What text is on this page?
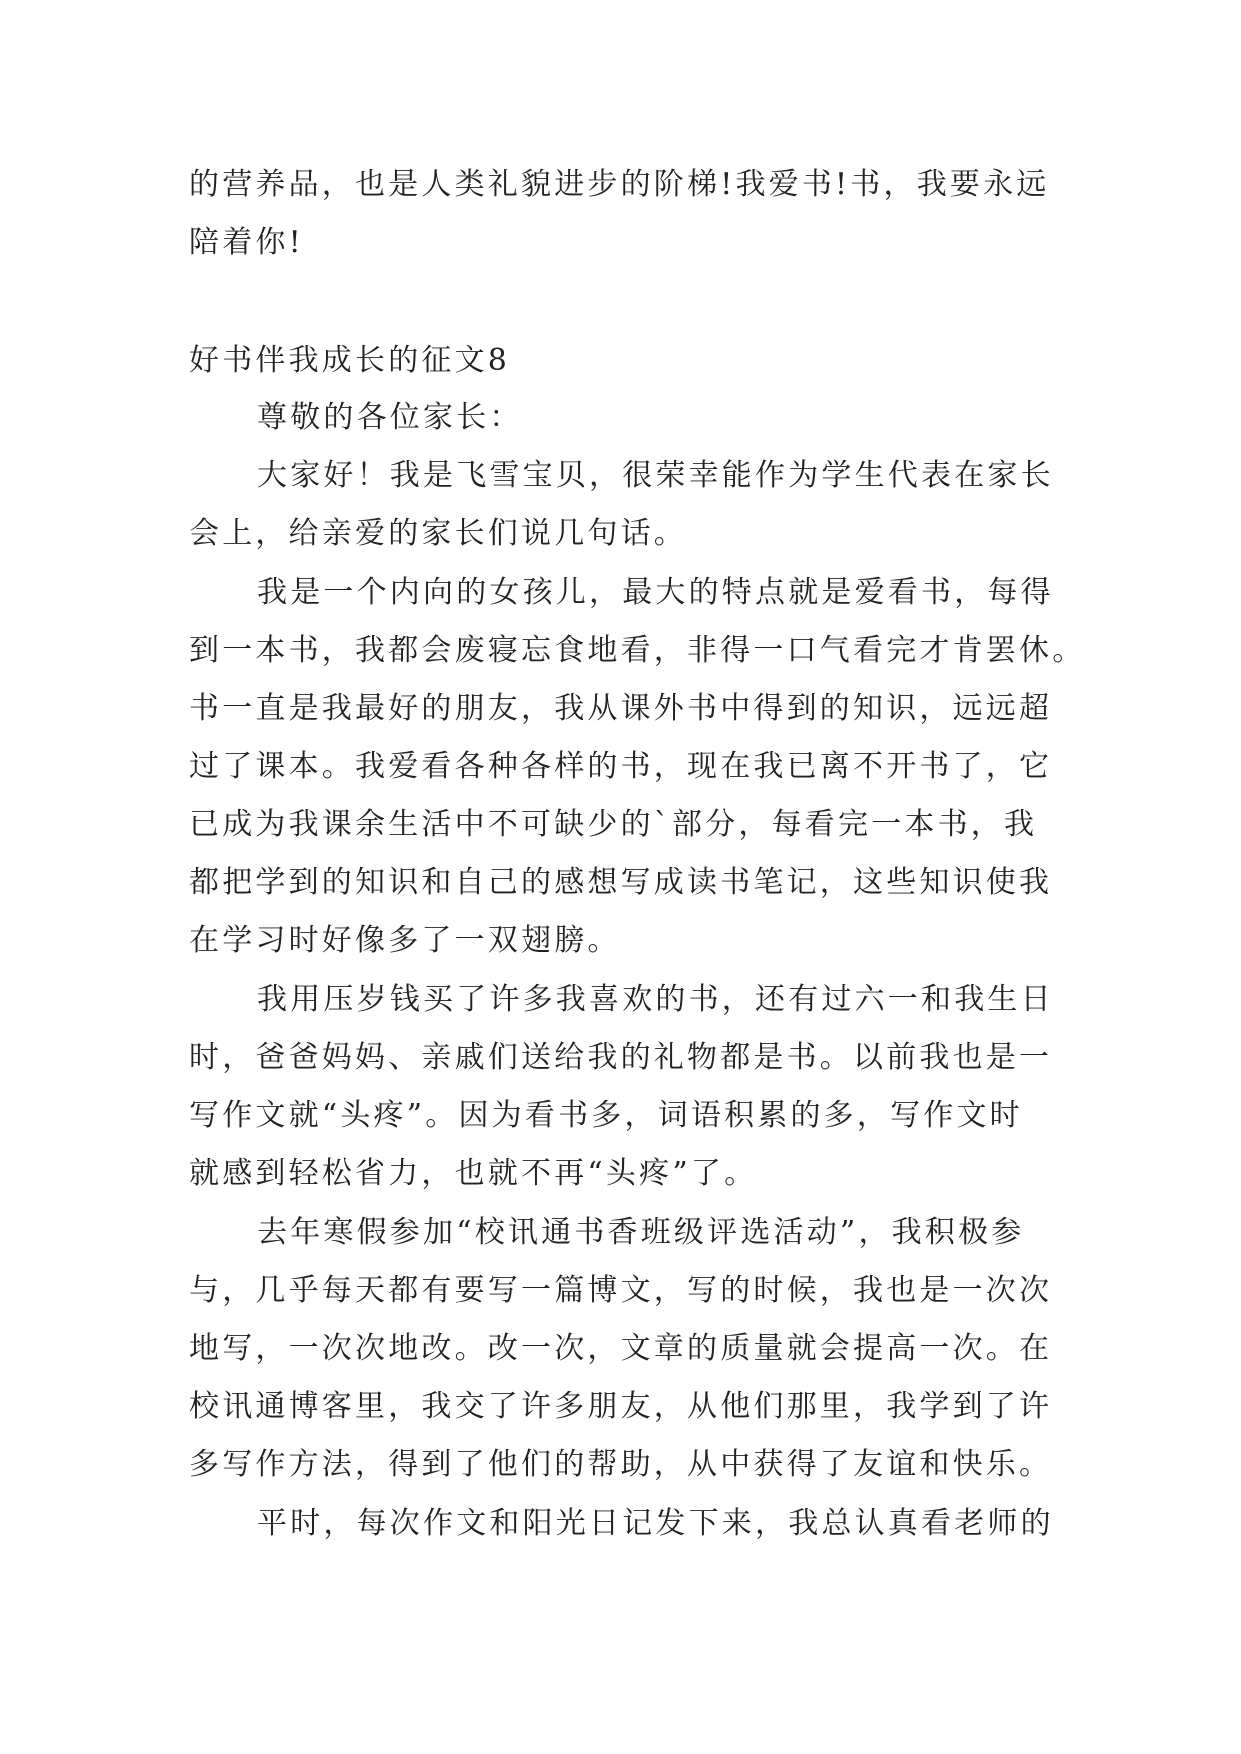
的营养品，也是人类礼貌进步的阶梯!我爱书!书，我要永远
陪着你!
好书伴我成长的征文8
尊敬的各位家长：
大家好！我是飞雪宝贝，很荣幸能作为学生代表在家长
会上，给亲爱的家长们说几句话。
我是一个内向的女孩儿，最大的特点就是爱看书，每得
到一本书，我都会废寝忘食地看，非得一口气看完才肯罢休。
书一直是我最好的朋友，我从课外书中得到的知识，远远超
过了课本。我爱看各种各样的书，现在我已离不开书了，它
已成为我课余生活中不可缺少的`部分，每看完一本书，我
都把学到的知识和自己的感想写成读书笔记，这些知识使我
在学习时好像多了一双翅膀。
我用压岁钱买了许多我喜欢的书，还有过六一和我生日
时，爸爸妈妈、亲戚们送给我的礼物都是书。以前我也是一
写作文就“头疼”。因为看书多，词语积累的多，写作文时
就感到轻松省力，也就不再“头疼”了。
去年寒假参加“校讯通书香班级评选活动”，我积极参
与，几乎每天都有要写一篇博文，写的时候，我也是一次次
地写，一次次地改。改一次，文章的质量就会提高一次。在
校讯通博客里，我交了许多朋友，从他们那里，我学到了许
多写作方法，得到了他们的帮助，从中获得了友谊和快乐。
平时，每次作文和阳光日记发下来，我总认真看老师的
